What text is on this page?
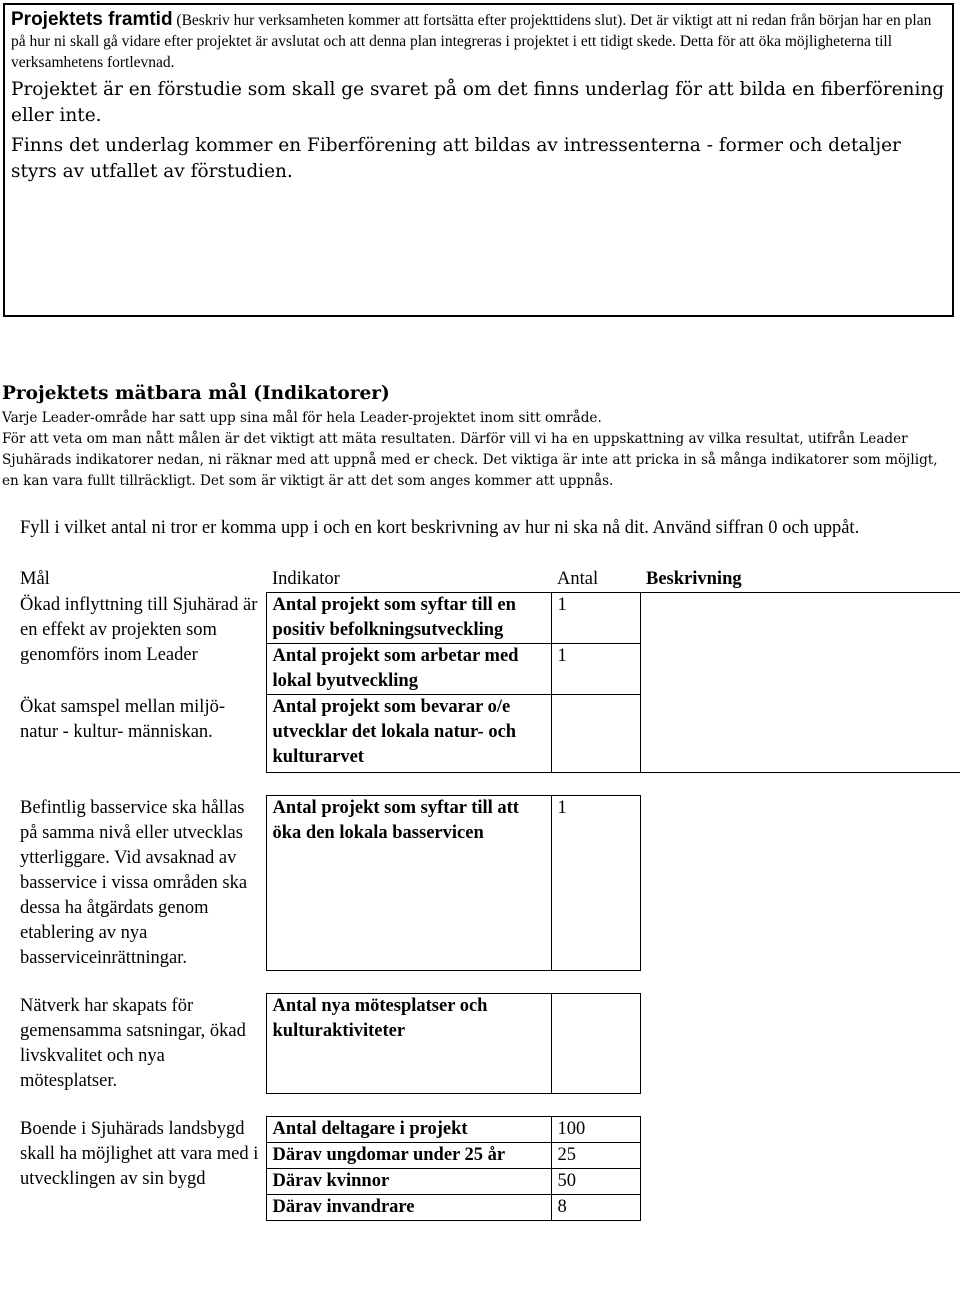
Projektets framtid (Beskriv hur verksamheten kommer att fortsätta efter projekttidens slut). Det är viktigt att ni redan från början har en plan på hur ni skall gå vidare efter projektet är avslutat och att denna plan integreras i projektet i ett tidigt skede. Detta för att öka möjligheterna till verksamhetens fortlevnad.

Projektet är en förstudie som skall ge svaret på om det finns underlag för att bilda en fiberförening eller inte.

Finns det underlag kommer en Fiberförening att bildas av intressenterna - former och detaljer styrs av utfallet av förstudien.

Projektets mätbara mål (Indikatorer)

Varje Leader-område har satt upp sina mål för hela Leader-projektet inom sitt område.

För att veta om man nått målen är det viktigt att mäta resultaten. Därför vill vi ha en uppskattning av vilka resultat, utifrån Leader Sjuhärads indikatorer nedan, ni räknar med att uppnå med er check. Det viktiga är inte att pricka in så många indikatorer som möjligt, en kan vara fullt tillräckligt. Det som är viktigt är att det som anges kommer att uppnås.

Fyll i vilket antal ni tror er komma upp i och en kort beskrivning av hur ni ska nå dit. Använd siffran 0 och uppåt.

Mål	Indikator	Antal	Beskrivning
Ökad inflyttning till Sjuhärad är en effekt av projekten som genomförs inom Leader	Antal projekt som syftar till en positiv befolkningsutveckling	1	
	Antal projekt som arbetar med lokal byutveckling	1	
Ökat samspel mellan miljö- natur - kultur- människan.	Antal projekt som bevarar o/e utvecklar det lokala natur- och kulturarvet		

Befintlig basservice ska hållas på samma nivå eller utvecklas ytterliggare. Vid avsaknad av basservice i vissa områden ska dessa ha åtgärdats genom etablering av nya basserviceinrättningar.	Antal projekt som syftar till att öka den lokala basservicen	1	

Nätverk har skapats för gemensamma satsningar, ökad livskvalitet och nya mötesplatser.	Antal nya mötesplatser och kulturaktiviteter		

Boende i Sjuhärads landsbygd skall ha möjlighet att vara med i utvecklingen av sin bygd	Antal deltagare i projekt	100	
	Därav ungdomar under 25 år	25	
	Därav kvinnor	50	
	Därav invandrare	8	
